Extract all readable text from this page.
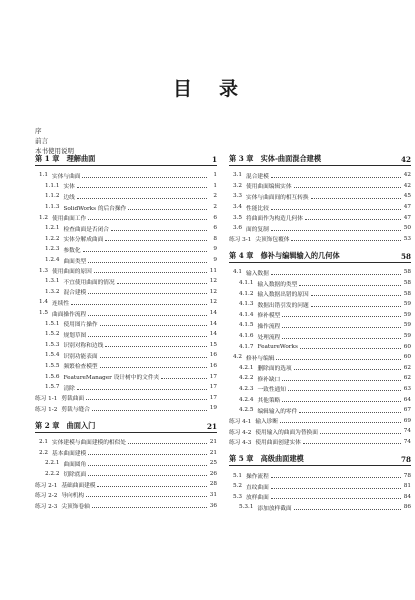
目　录
序
前言
本书使用说明
第 1 章　理解曲面	1
1.1 实体与曲面	1
1.1.1 实体	1
1.1.2 边线	2
1.1.3 SolidWorks 的后台操作	2
1.2 使用曲面工作	6
1.2.1 检查曲面是否闭合	6
1.2.2 实体分解成曲面	8
1.2.3 参数化	9
1.2.4 曲面类型	9
1.3 使用曲面的原因	11
1.3.1 不宜使用曲面的情况	12
1.3.2 混合建模	12
1.4 连续性	12
1.5 曲面操作流程	14
1.5.1 使用图片操作	14
1.5.2 规划草图	14
1.5.3 识别对称和边线	15
1.5.4 识别功能表面	16
1.5.5 频繁检查模型	16
1.5.6 FeatureManager 设计树中的文件夹	17
1.5.7 清除	17
练习 1-1 剪裁曲面	17
练习 1-2 剪裁与缝合	19
第 2 章　曲面入门	21
2.1 实体建模与曲面建模的相似处	21
2.2 基本曲面建模	21
2.2.1 曲面圆角	25
2.2.2 切除底面	26
练习 2-1 基础曲面建模	28
练习 2-2 导向机构	31
练习 2-3 尖顶饰卷轴	36
第 3 章　实体-曲面混合建模	42
3.1 混合建模	42
3.2 使用曲面编辑实体	42
3.3 实体与曲面间的相互转换	45
3.4 性能比较	47
3.5 将曲面作为构造几何体	47
3.6 面的复制	50
练习 3-1 尖顶饰包覆体	53
第 4 章　修补与编辑输入的几何体	58
4.1 输入数据	58
4.1.1 输入数据的类型	58
4.1.2 输入数据出错的原因	58
4.1.3 数据出错引发的问题	59
4.1.4 修补模型	59
4.1.5 操作流程	59
4.1.6 处理流程	59
4.1.7 FeatureWorks	60
4.2 修补与编辑	60
4.2.1 删除面的选项	62
4.2.2 修补缺口	62
4.2.3 一致性通知	63
4.2.4 其他策略	64
4.2.5 编辑输入的零件	67
练习 4-1 输入诊断	69
练习 4-2 使用输入的曲面为替换面	74
练习 4-3 使用曲面创建实体	74
第 5 章　高级曲面建模	78
5.1 操作流程	78
5.2 直纹曲面	81
5.3 放样曲面	84
5.3.1 添加放样截面	86
